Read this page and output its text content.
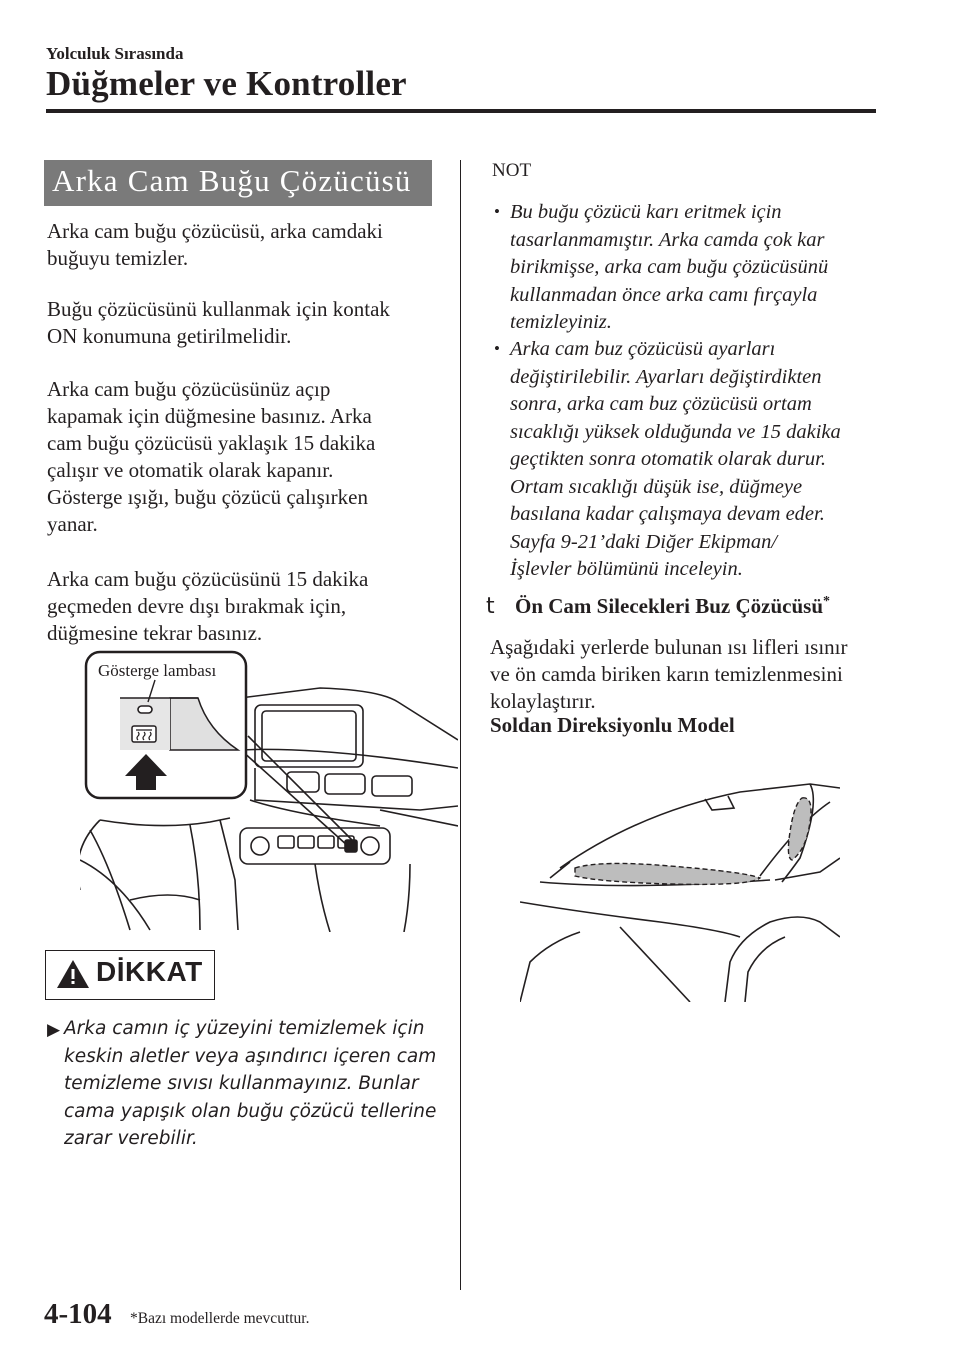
Yolculuk Sırasında
Düğmeler ve Kontroller
Arka Cam Buğu Çözücüsü
Arka cam buğu çözücüsü, arka camdaki
buğuyu temizler.
Buğu çözücüsünü kullanmak için kontak
ON konumuna getirilmelidir.
Arka cam buğu çözücüsünüz açıp
kapamak için düğmesine basınız. Arka
cam buğu çözücüsü yaklaşık 15 dakika
çalışır ve otomatik olarak kapanır.
Gösterge ışığı, buğu çözücü çalışırken
yanar.
Arka cam buğu çözücüsünü 15 dakika
geçmeden devre dışı bırakmak için,
düğmesine tekrar basınız.
Gösterge lambası
DİKKAT
▶ Arka camın iç yüzeyini temizlemek için
keskin aletler veya aşındırıcı içeren cam
temizleme sıvısı kullanmayınız. Bunlar
cama yapışık olan buğu çözücü tellerine
zarar verebilir.
NOT
• Bu buğu çözücü karı eritmek için
tasarlanmamıştır. Arka camda çok kar
birikmişse, arka cam buğu çözücüsünü
kullanmadan önce arka camı fırçayla
temizleyiniz.
• Arka cam buz çözücüsü ayarları
değiştirilebilir. Ayarları değiştirdikten
sonra, arka cam buz çözücüsü ortam
sıcaklığı yüksek olduğunda ve 15 dakika
geçtikten sonra otomatik olarak durur.
Ortam sıcaklığı düşük ise, düğmeye
basılana kadar çalışmaya devam eder.
Sayfa 9-21’daki Diğer Ekipman/
İşlevler bölümünü inceleyin.
t Ön Cam Silecekleri Buz Çözücüsü*
Aşağıdaki yerlerde bulunan ısı lifleri ısınır
ve ön camda biriken karın temizlenmesini
kolaylaştırır.
Soldan Direksiyonlu Model
4-104 *Bazı modellerde mevcuttur.
